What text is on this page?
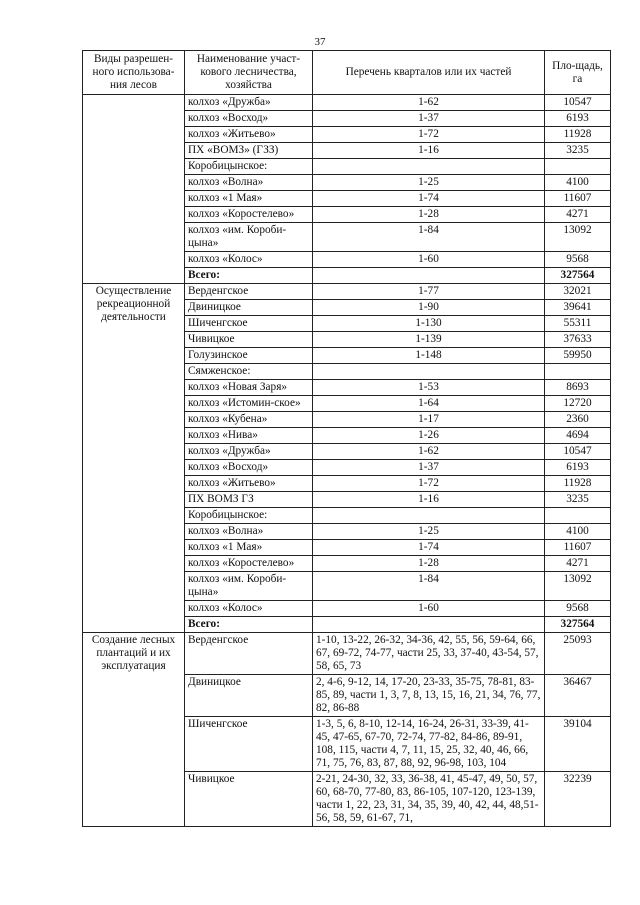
37
Виды разрешен-ного использова-ния лесов	Наименование участ-кового лесничества, хозяйства	Перечень кварталов или их частей	Пло-щадь, га
	колхоз «Дружба»	1-62	10547
	колхоз «Восход»	1-37	6193
	колхоз «Житьево»	1-72	11928
	ПХ «ВОМЗ» (ГЗЗ)	1-16	3235
	Коробицынское:		
	колхоз «Волна»	1-25	4100
	колхоз «1 Мая»	1-74	11607
	колхоз «Коростелево»	1-28	4271
	колхоз «им. Короби-цына»	1-84	13092
	колхоз «Колос»	1-60	9568
	Всего:		327564
Осуществление рекреационной деятельности	Верденгское	1-77	32021
	Двиницкое	1-90	39641
	Шиченгское	1-130	55311
	Чивицкое	1-139	37633
	Голузинское	1-148	59950
	Сямженское:		
	колхоз «Новая Заря»	1-53	8693
	колхоз «Истомин-ское»	1-64	12720
	колхоз «Кубена»	1-17	2360
	колхоз «Нива»	1-26	4694
	колхоз «Дружба»	1-62	10547
	колхоз «Восход»	1-37	6193
	колхоз «Житьево»	1-72	11928
	ПХ ВОМЗ ГЗ	1-16	3235
	Коробицынское:		
	колхоз «Волна»	1-25	4100
	колхоз «1 Мая»	1-74	11607
	колхоз «Коростелево»	1-28	4271
	колхоз «им. Короби-цына»	1-84	13092
	колхоз «Колос»	1-60	9568
	Всего:		327564
Создание лесных плантаций и их эксплуатация	Верденгское	1-10, 13-22, 26-32, 34-36, 42, 55, 56, 59-64, 66, 67, 69-72, 74-77, части 25, 33, 37-40, 43-54, 57, 58, 65, 73	25093
	Двиницкое	2, 4-6, 9-12, 14, 17-20, 23-33, 35-75, 78-81, 83-85, 89, части 1, 3, 7, 8, 13, 15, 16, 21, 34, 76, 77, 82, 86-88	36467
	Шиченгское	1-3, 5, 6, 8-10, 12-14, 16-24, 26-31, 33-39, 41-45, 47-65, 67-70, 72-74, 77-82, 84-86, 89-91, 108, 115, части 4, 7, 11, 15, 25, 32, 40, 46, 66, 71, 75, 76, 83, 87, 88, 92, 96-98, 103, 104	39104
	Чивицкое	2-21, 24-30, 32, 33, 36-38, 41, 45-47, 49, 50, 57, 60, 68-70, 77-80, 83, 86-105, 107-120, 123-139, части 1, 22, 23, 31, 34, 35, 39, 40, 42, 44, 48,51-56, 58, 59, 61-67, 71,	32239
